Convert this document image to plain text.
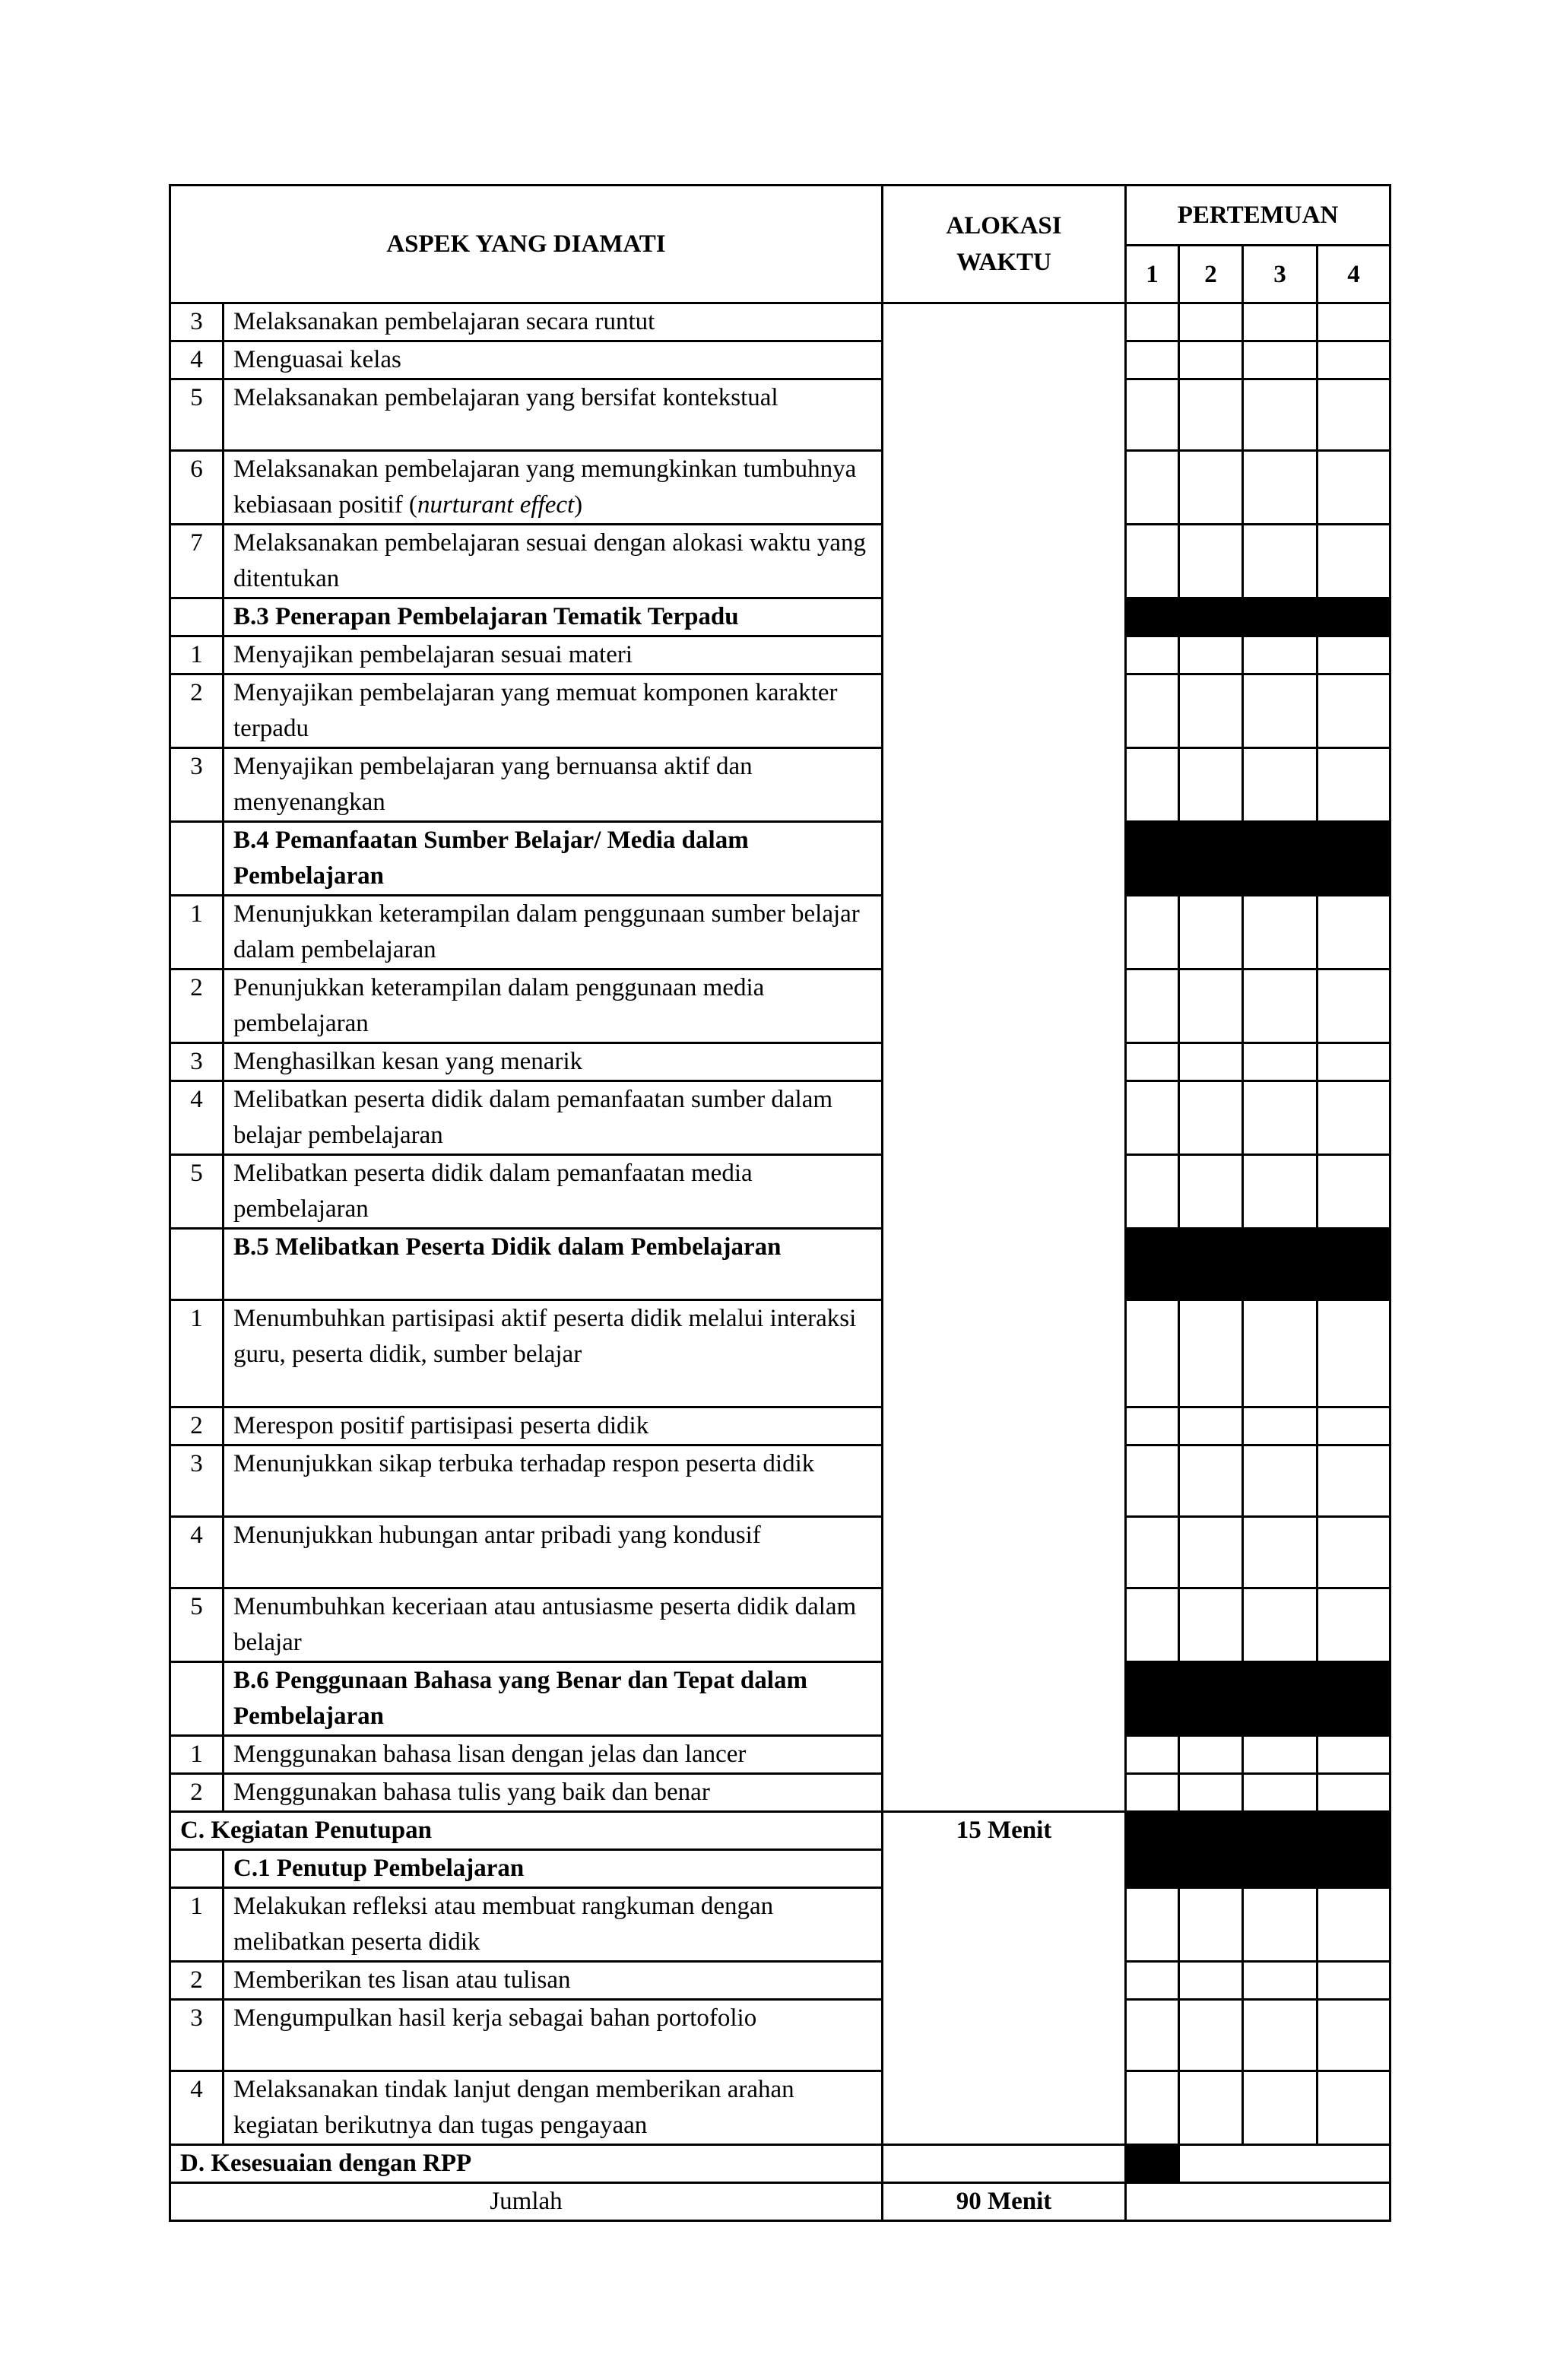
ASPEK YANG DIAMATI		ALOKASI WAKTU	PERTEMUAN			
			1	2	3	4
3	Melaksanakan pembelajaran secara runtut					
4	Menguasai kelas					
5	Melaksanakan pembelajaran yang bersifat kontekstual					
6	Melaksanakan pembelajaran yang memungkinkan tumbuhnya kebiasaan positif (nurturant effect)					
7	Melaksanakan pembelajaran sesuai dengan alokasi waktu yang ditentukan					
	B.3 Penerapan Pembelajaran Tematik Terpadu					
1	Menyajikan pembelajaran sesuai materi					
2	Menyajikan pembelajaran yang memuat komponen karakter terpadu					
3	Menyajikan pembelajaran yang bernuansa aktif dan menyenangkan					
	B.4 Pemanfaatan Sumber Belajar/ Media dalam Pembelajaran					
1	Menunjukkan keterampilan dalam penggunaan sumber belajar dalam pembelajaran					
2	Penunjukkan keterampilan dalam penggunaan media pembelajaran					
3	Menghasilkan kesan yang menarik					
4	Melibatkan peserta didik dalam pemanfaatan sumber dalam belajar pembelajaran					
5	Melibatkan peserta didik dalam pemanfaatan media pembelajaran					
	B.5 Melibatkan Peserta Didik dalam Pembelajaran					
1	Menumbuhkan partisipasi aktif peserta didik melalui interaksi guru, peserta didik, sumber belajar					
2	Merespon positif partisipasi peserta didik					
3	Menunjukkan sikap terbuka terhadap respon peserta didik					
4	Menunjukkan hubungan antar pribadi yang kondusif					
5	Menumbuhkan keceriaan atau antusiasme peserta didik dalam belajar					
	B.6 Penggunaan Bahasa yang Benar dan Tepat dalam Pembelajaran					
1	Menggunakan bahasa lisan dengan jelas dan lancer					
2	Menggunakan bahasa tulis yang baik dan benar					
C. Kegiatan Penutupan		15 Menit				
	C.1 Penutup Pembelajaran					
1	Melakukan refleksi atau membuat rangkuman dengan melibatkan peserta didik					
2	Memberikan tes lisan atau tulisan					
3	Mengumpulkan hasil kerja sebagai bahan portofolio					
4	Melaksanakan tindak lanjut dengan memberikan arahan kegiatan berikutnya dan tugas pengayaan					
D. Kesesuaian dengan RPP						
Jumlah		90 Menit				
